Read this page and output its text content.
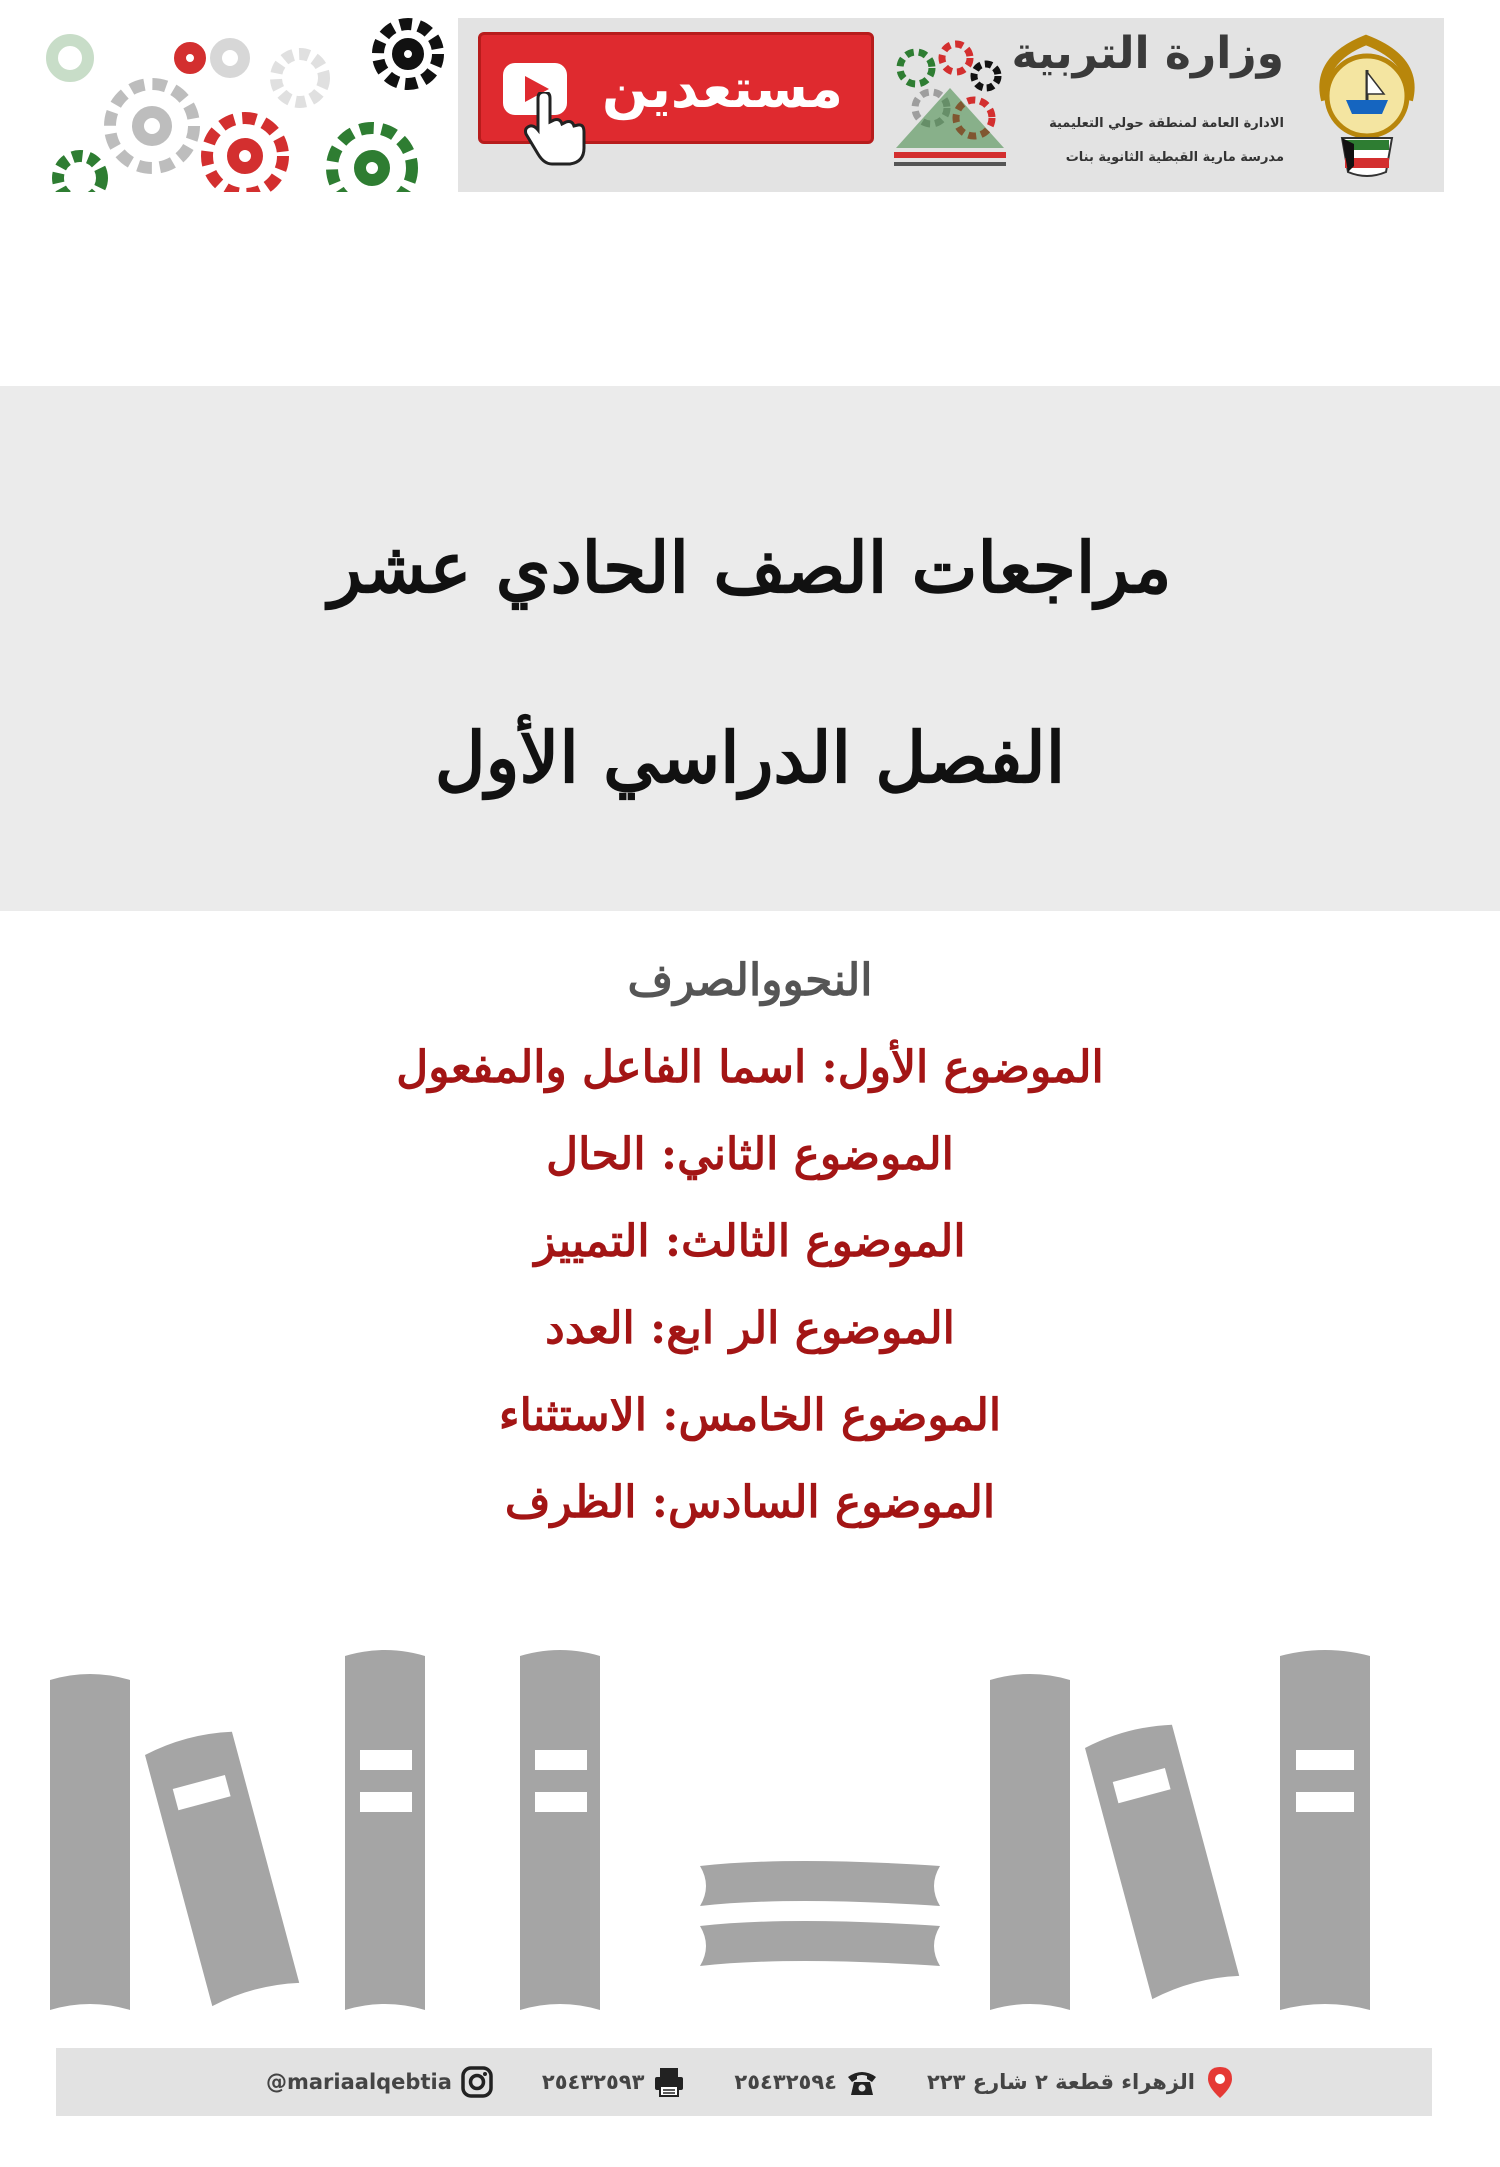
مستعدين
وزارة التربية
الادارة العامة لمنطقة حولي التعليمية
مدرسة مارية القبطية الثانوية بنات
مراجعات الصف الحادي عشر
الفصل الدراسي الأول
النحووالصرف
الموضوع الأول: اسما الفاعل والمفعول
الموضوع الثاني: الحال
الموضوع الثالث: التمييز
الموضوع الر ابع: العدد
الموضوع الخامس: الاستثناء
الموضوع السادس: الظرف
@mariaalqebtia	٢٥٤٣٢٥٩٣	٢٥٤٣٢٥٩٤	الزهراء قطعة ٢ شارع ٢٢٣
